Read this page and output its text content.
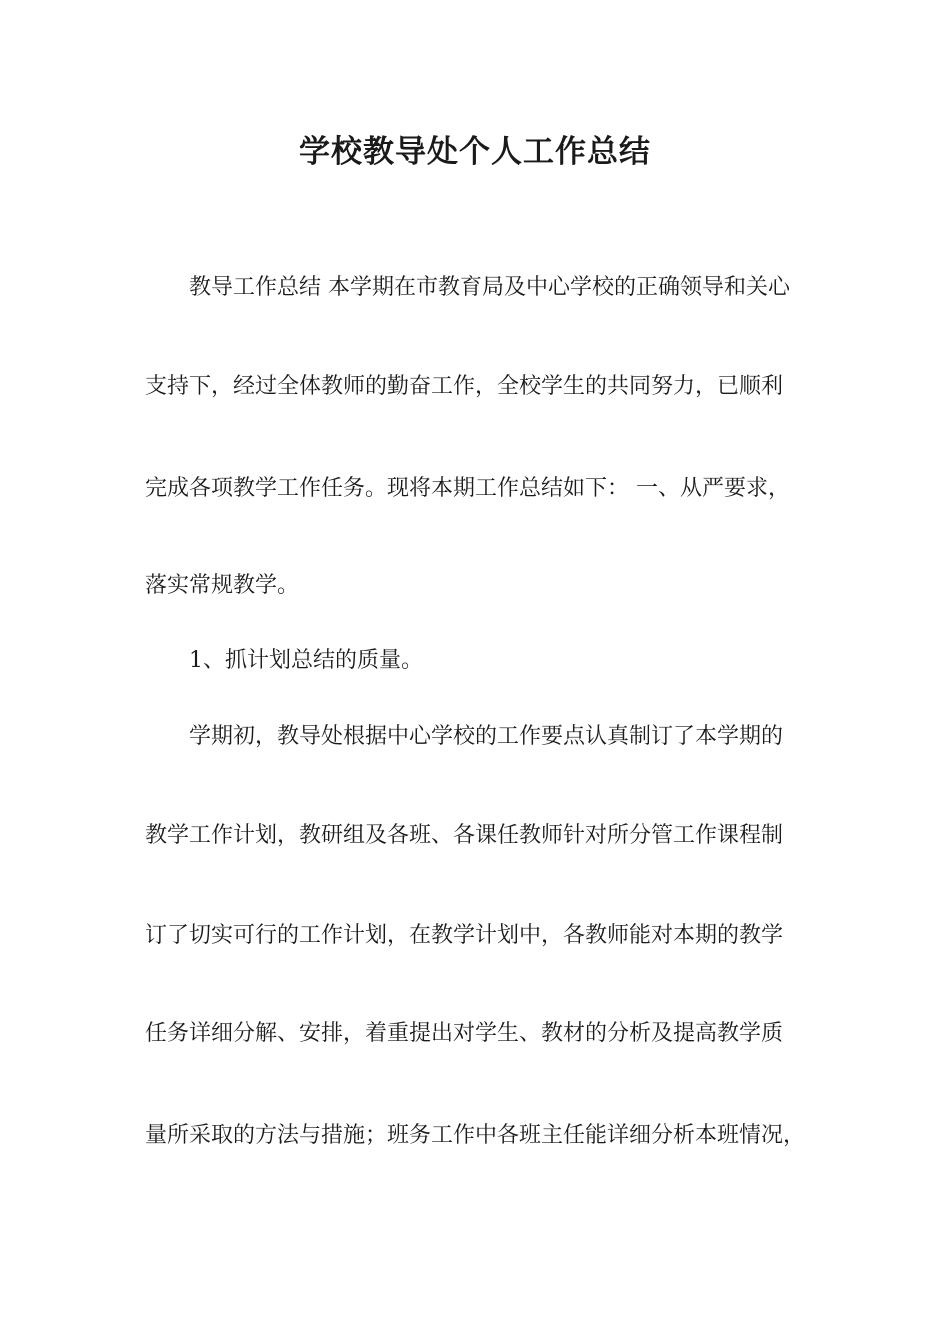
学校教导处个人工作总结
教导工作总结 本学期在市教育局及中心学校的正确领导和关心
支持下，经过全体教师的勤奋工作，全校学生的共同努力，已顺利
完成各项教学工作任务。现将本期工作总结如下： 一、从严要求，
落实常规教学。
1、抓计划总结的质量。
学期初，教导处根据中心学校的工作要点认真制订了本学期的
教学工作计划，教研组及各班、各课任教师针对所分管工作课程制
订了切实可行的工作计划，在教学计划中，各教师能对本期的教学
任务详细分解、安排，着重提出对学生、教材的分析及提高教学质
量所采取的方法与措施；班务工作中各班主任能详细分析本班情况，
